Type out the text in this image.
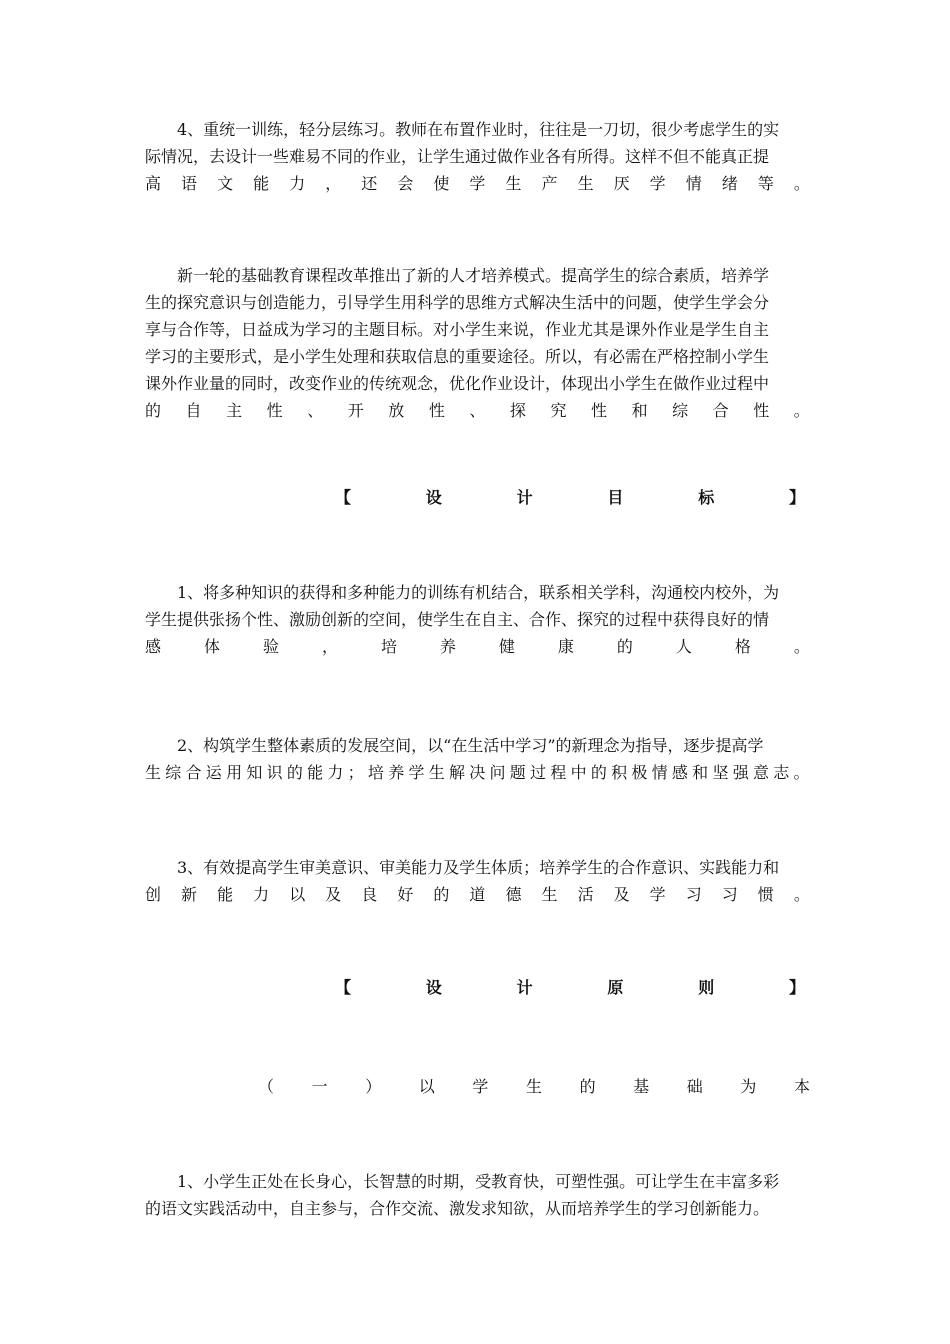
4、重统一训练，轻分层练习。教师在布置作业时，往往是一刀切，很少考虑学生的实
际情况，去设计一些难易不同的作业，让学生通过做作业各有所得。这样不但不能真正提
高 语 文 能 力 ， 还 会 使 学 生 产 生 厌 学 情 绪 等 。
新一轮的基础教育课程改革推出了新的人才培养模式。提高学生的综合素质，培养学
生的探究意识与创造能力，引导学生用科学的思维方式解决生活中的问题，使学生学会分
享与合作等，日益成为学习的主题目标。对小学生来说，作业尤其是课外作业是学生自主
学习的主要形式，是小学生处理和获取信息的重要途径。所以，有必需在严格控制小学生
课外作业量的同时，改变作业的传统观念，优化作业设计，体现出小学生在做作业过程中
的 自 主 性 、 开 放 性 、 探 究 性 和 综 合 性 。
【	设	计	目	标	】
1、将多种知识的获得和多种能力的训练有机结合，联系相关学科，沟通校内校外，为
学生提供张扬个性、激励创新的空间，使学生在自主、合作、探究的过程中获得良好的情
感	体	验	，	培	养	健	康	的	人	格	。
2、构筑学生整体素质的发展空间，以“在生活中学习”的新理念为指导，逐步提高学
生 综 合 运 用 知 识 的 能 力 ； 培 养 学 生 解 决 问 题 过 程 中 的 积 极 情 感 和 坚 强 意 志 。
3、有效提高学生审美意识、审美能力及学生体质；培养学生的合作意识、实践能力和
创 新 能 力 以 及 良 好 的 道 德 生 活 及 学 习 习 惯 。
【	设	计	原	则	】
（ 一 ） 以 学 生 的 基 础 为 本
1、小学生正处在长身心，长智慧的时期，受教育快，可塑性强。可让学生在丰富多彩
的语文实践活动中，自主参与，合作交流、激发求知欲，从而培养学生的学习创新能力。
